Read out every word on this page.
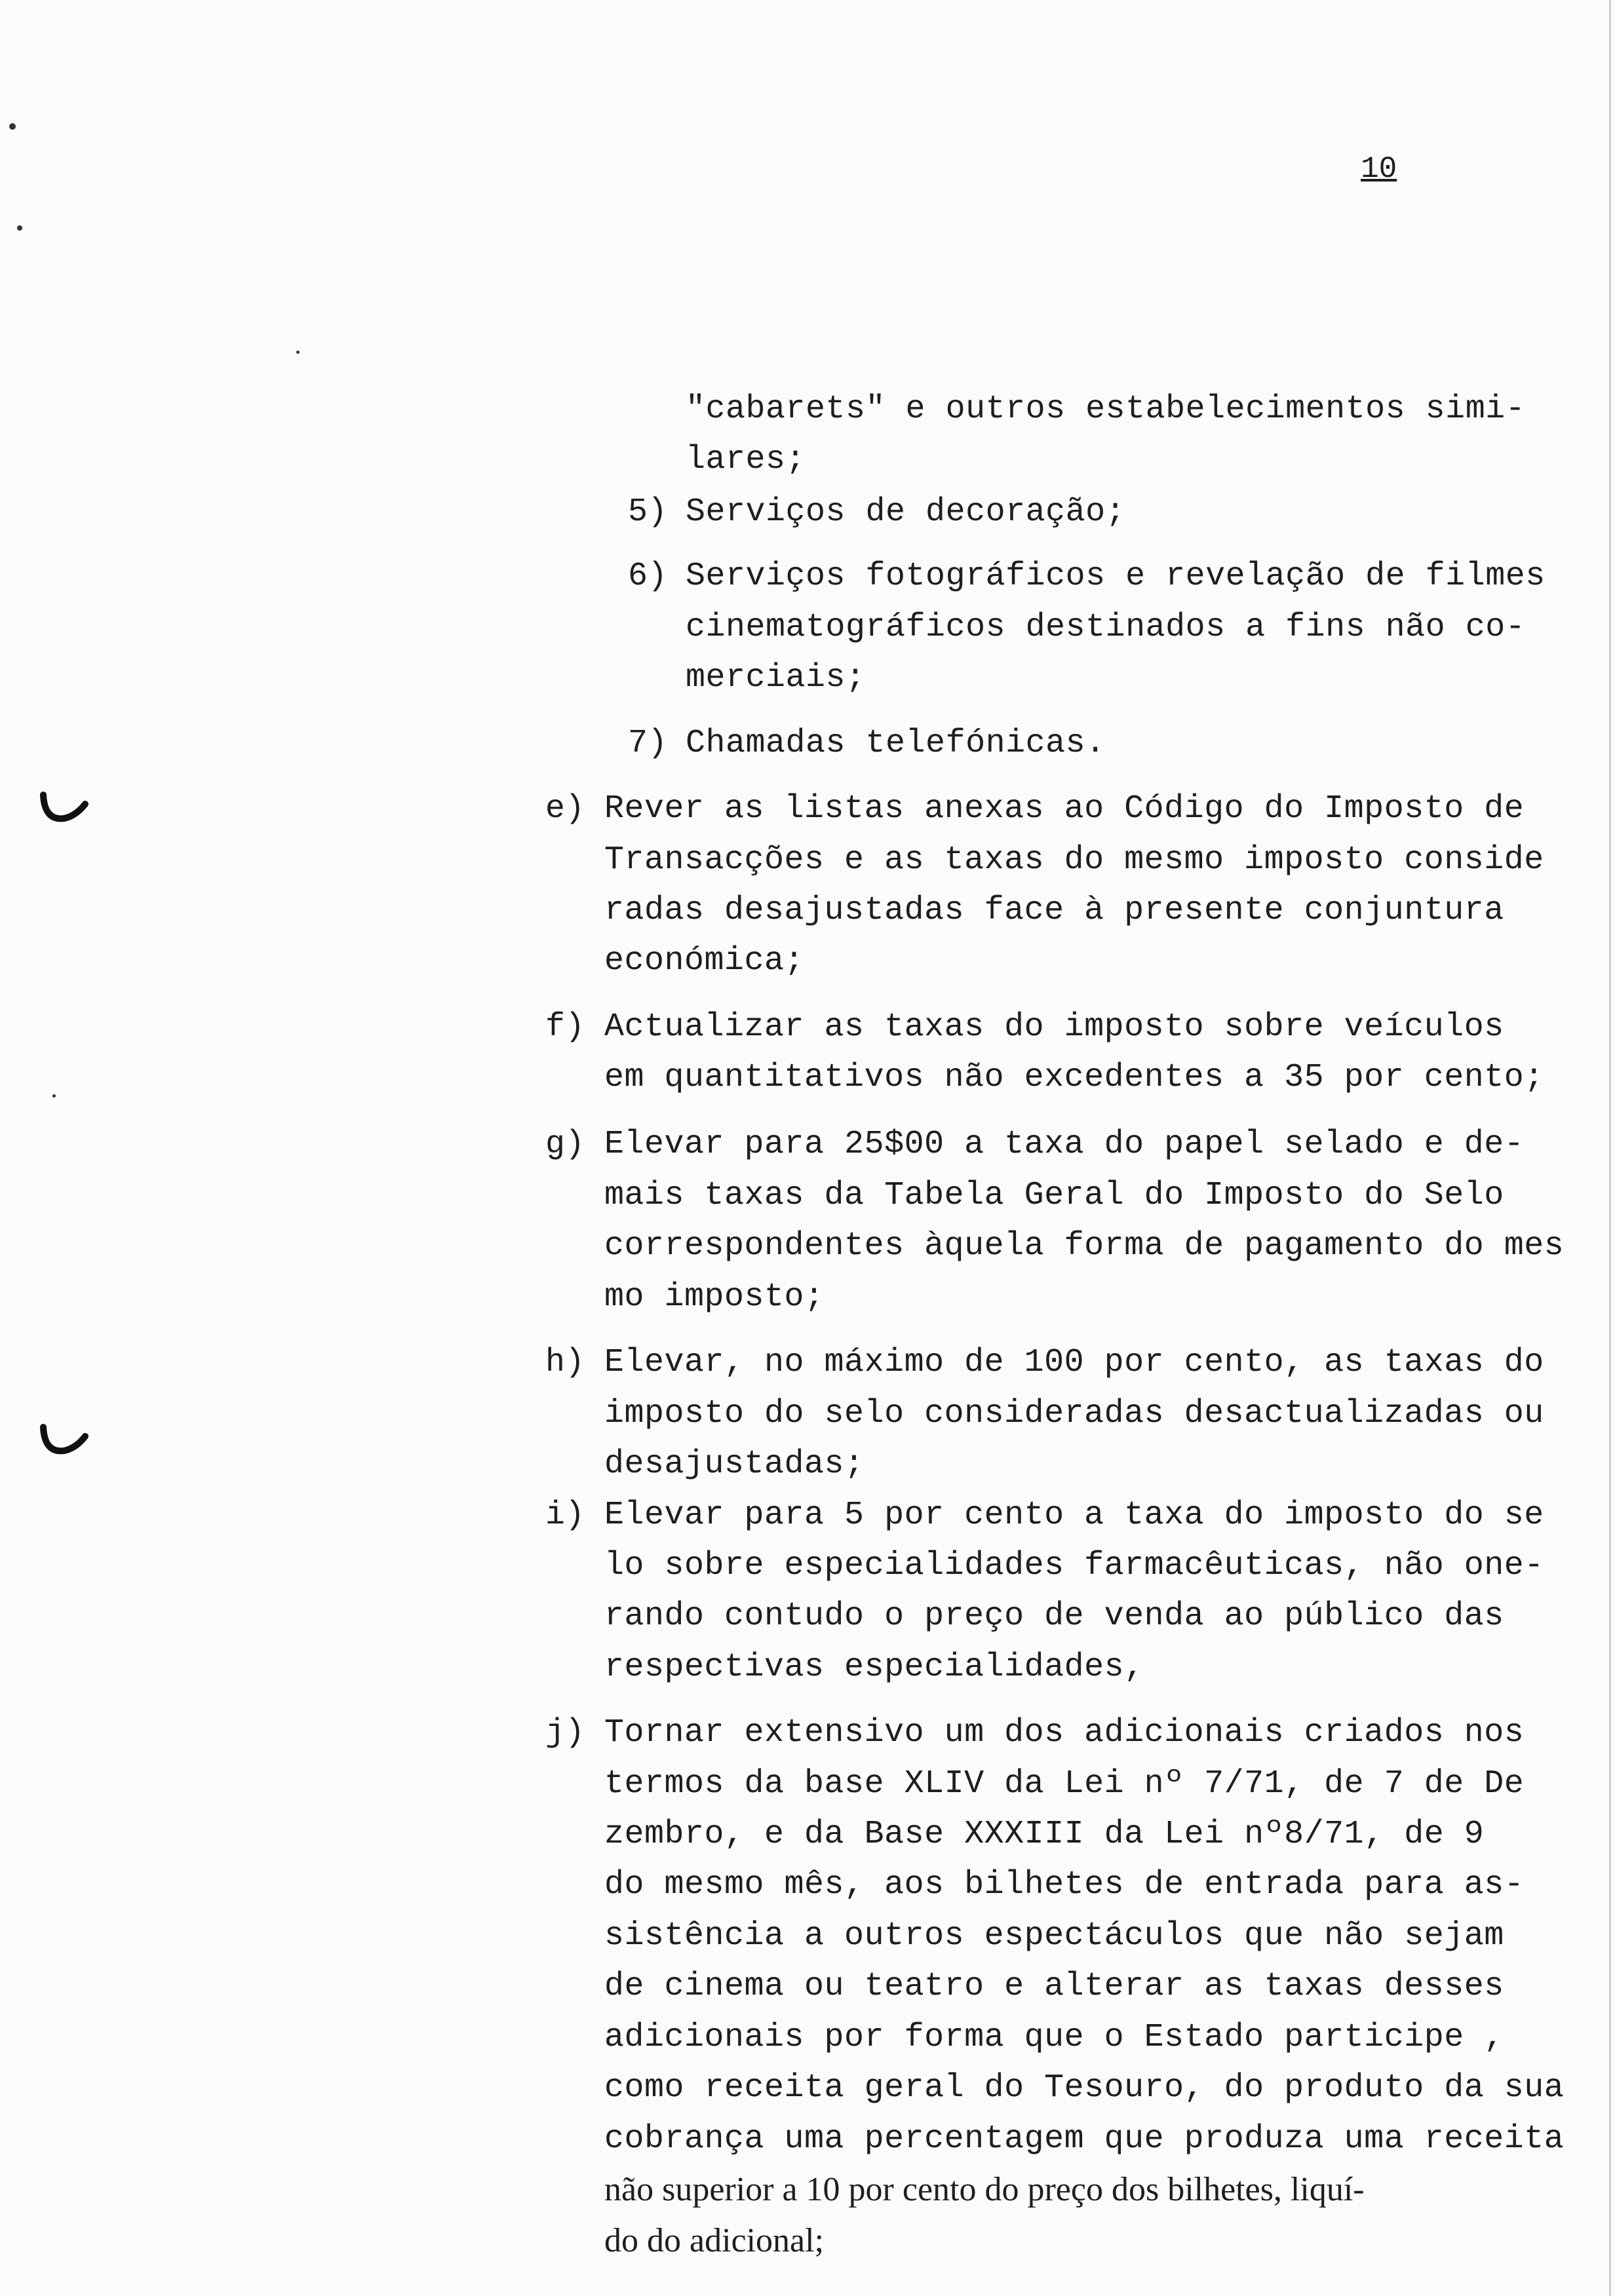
10
"cabarets" e outros estabelecimentos simi-
lares;
5) Serviços de decoração;
6) Serviços fotográficos e revelação de filmes
cinematográficos destinados a fins não co-
merciais;
7) Chamadas telefónicas.
e) Rever as listas anexas ao Código do Imposto de
Transacções e as taxas do mesmo imposto conside
radas desajustadas face à presente conjuntura
económica;
f) Actualizar as taxas do imposto sobre veículos
em quantitativos não excedentes a 35 por cento;
g) Elevar para 25$00 a taxa do papel selado e de-
mais taxas da Tabela Geral do Imposto do Selo
correspondentes àquela forma de pagamento do mes
mo imposto;
h) Elevar, no máximo de 100 por cento, as taxas do
imposto do selo consideradas desactualizadas ou
desajustadas;
i) Elevar para 5 por cento a taxa do imposto do se
lo sobre especialidades farmacêuticas, não one-
rando contudo o preço de venda ao público das
respectivas especialidades,
j) Tornar extensivo um dos adicionais criados nos
termos da base XLIV da Lei nº 7/71, de 7 de De
zembro, e da Base XXXIII da Lei nº8/71, de 9
do mesmo mês, aos bilhetes de entrada para as-
sistência a outros espectáculos que não sejam
de cinema ou teatro e alterar as taxas desses
adicionais por forma que o Estado participe ,
como receita geral do Tesouro, do produto da sua
cobrança uma percentagem que produza uma receita
não superior a 10 por cento do preço dos bilhetes, liquí-
do do adicional;
